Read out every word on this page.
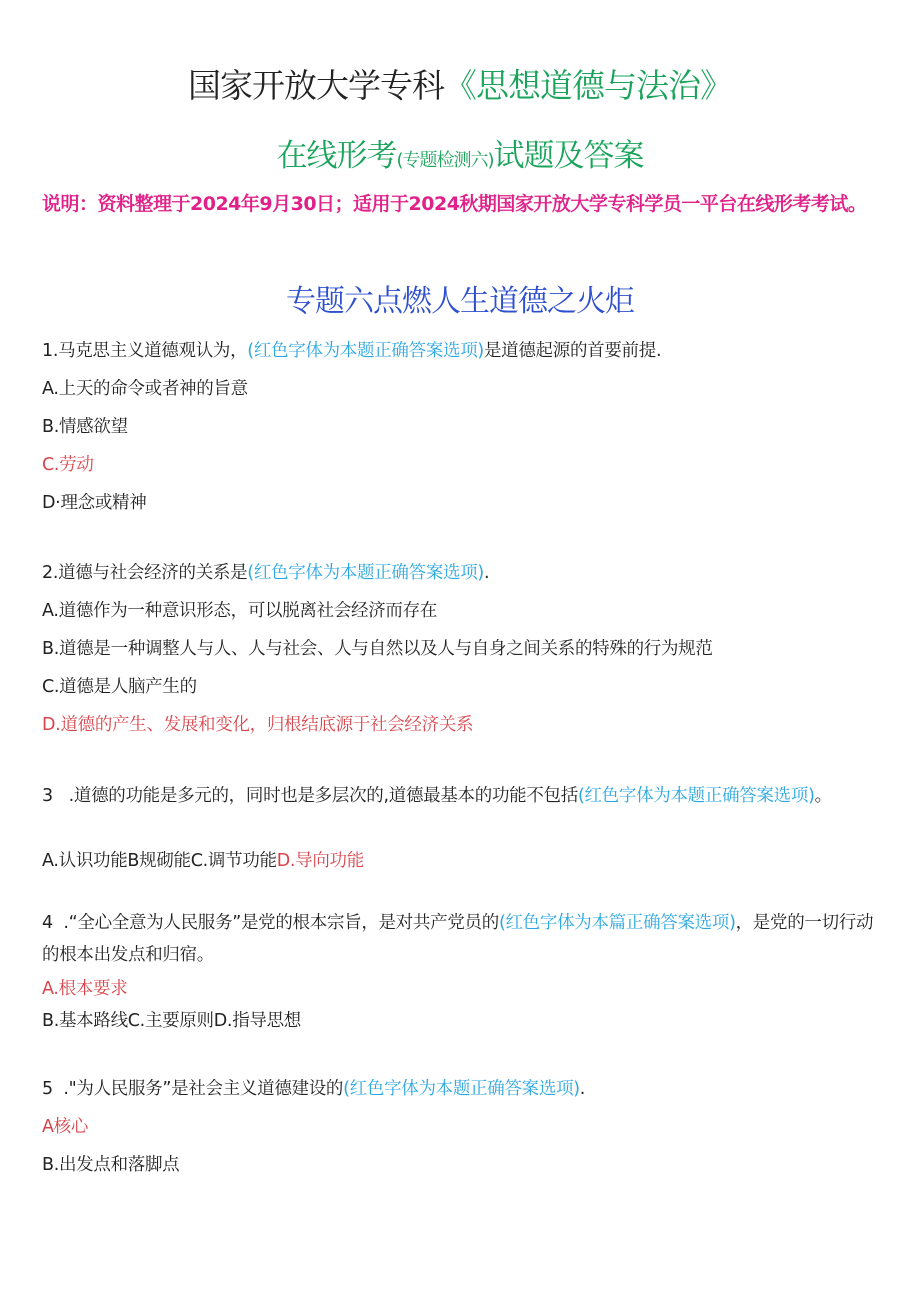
国家开放大学专科《思想道德与法治》
在线形考(专题检测六)试题及答案
说明：资料整理于2024年9月30日；适用于2024秋期国家开放大学专科学员一平台在线形考考试。
专题六点燃人生道德之火炬
1.马克思主义道德观认为，(红色字体为本题正确答案选项)是道德起源的首要前提.
A.上天的命令或者神的旨意
B.情感欲望
C.劳动
D·理念或精神
2.道德与社会经济的关系是(红色字体为本题正确答案选项).
A.道德作为一种意识形态，可以脱离社会经济而存在
B.道德是一种调整人与人、人与社会、人与自然以及人与自身之间关系的特殊的行为规范
C.道德是人脑产生的
D.道德的产生、发展和变化，归根结底源于社会经济关系
3   .道德的功能是多元的，同时也是多层次的,道德最基本的功能不包括(红色字体为本题正确答案选项)。
A.认识功能B规砌能C.调节功能D.导向功能
4  .“全心全意为人民服务”是党的根本宗旨，是对共产党员的(红色字体为本篇正确答案选项)，是党的一切行动的根本出发点和归宿。
A.根本要求
B.基本路线C.主要原则D.指导思想
5  ."为人民服务”是社会主义道德建设的(红色字体为本题正确答案选项).
A核心
B.出发点和落脚点
